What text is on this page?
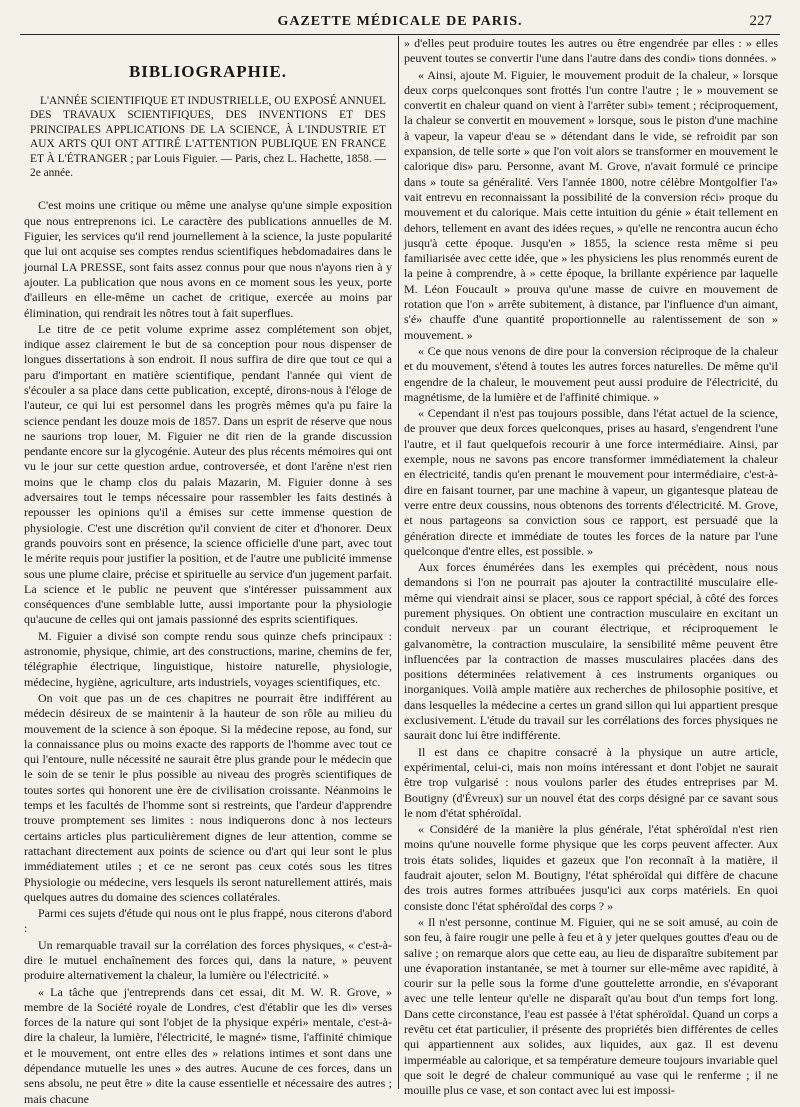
GAZETTE MÉDICALE DE PARIS.	227
BIBLIOGRAPHIE.
L'ANNÉE SCIENTIFIQUE ET INDUSTRIELLE, OU EXPOSÉ ANNUEL DES TRAVAUX SCIENTIFIQUES, DES INVENTIONS ET DES PRINCIPALES APPLICATIONS DE LA SCIENCE, À L'INDUSTRIE ET AUX ARTS QUI ONT ATTIRÉ L'ATTENTION PUBLIQUE EN FRANCE ET À L'ÉTRANGER ; par Louis Figuier. — Paris, chez L. Hachette, 1858. — 2e année.

C'est moins une critique ou même une analyse qu'une simple exposition que nous entreprenons ici. Le caractère des publications annuelles de M. Figuier, les services qu'il rend journellement à la science, la juste popularité que lui ont acquise ses comptes rendus scientifiques hebdomadaires dans le journal LA PRESSE, sont faits assez connus pour que nous n'ayons rien à y ajouter. La publication que nous avons en ce moment sous les yeux, porte d'ailleurs en elle-même un cachet de critique, exercée au moins par élimination, qui rendrait les nôtres tout à fait superflues.

Le titre de ce petit volume exprime assez complétement son objet, indique assez clairement le but de sa conception pour nous dispenser de longues dissertations à son endroit. Il nous suffira de dire que tout ce qui a paru d'important en matière scientifique, pendant l'année qui vient de s'écouler a sa place dans cette publication, excepté, dirons-nous à l'éloge de l'auteur, ce qui lui est personnel dans les progrès mêmes qu'a pu faire la science pendant les douze mois de 1857. Dans un esprit de réserve que nous ne saurions trop louer, M. Figuier ne dit rien de la grande discussion pendante encore sur la glycogénie. Auteur des plus récents mémoires qui ont vu le jour sur cette question ardue, controversée, et dont l'arène n'est rien moins que le champ clos du palais Mazarin, M. Figuier donne à ses adversaires tout le temps nécessaire pour rassembler les faits destinés à repousser les opinions qu'il a émises sur cette immense question de physiologie. C'est une discrétion qu'il convient de citer et d'honorer. Deux grands pouvoirs sont en présence, la science officielle d'une part, avec tout le mérite requis pour justifier la position, et de l'autre une publicité immense sous une plume claire, précise et spirituelle au service d'un jugement parfait. La science et le public ne peuvent que s'intéresser puissamment aux conséquences d'une semblable lutte, aussi importante pour la physiologie qu'aucune de celles qui ont jamais passionné des esprits scientifiques.

M. Figuier a divisé son compte rendu sous quinze chefs principaux : astronomie, physique, chimie, art des constructions, marine, chemins de fer, télégraphie électrique, linguistique, histoire naturelle, physiologie, médecine, hygiène, agriculture, arts industriels, voyages scientifiques, etc.

On voit que pas un de ces chapitres ne pourrait être indifférent au médecin désireux de se maintenir à la hauteur de son rôle au milieu du mouvement de la science à son époque. Si la médecine repose, au fond, sur la connaissance plus ou moins exacte des rapports de l'homme avec tout ce qui l'entoure, nulle nécessité ne saurait être plus grande pour le médecin que le soin de se tenir le plus possible au niveau des progrès scientifiques de toutes sortes qui honorent une ère de civilisation croissante. Néanmoins le temps et les facultés de l'homme sont si restreints, que l'ardeur d'apprendre trouve promptement ses limites : nous indiquerons donc à nos lecteurs certains articles plus particulièrement dignes de leur attention, comme se rattachant directement aux points de science ou d'art qui leur sont le plus immédiatement utiles ; et ce ne seront pas ceux cotés sous les titres Physiologie ou médecine, vers lesquels ils seront naturellement attirés, mais quelques autres du domaine des sciences collatérales.

Parmi ces sujets d'étude qui nous ont le plus frappé, nous citerons d'abord :

Un remarquable travail sur la corrélation des forces physiques, « c'est-à-dire le mutuel enchaînement des forces qui, dans la nature, » peuvent produire alternativement la chaleur, la lumière ou l'électricité. »

« La tâche que j'entreprends dans cet essai, dit M. W. R. Grove, » membre de la Société royale de Londres, c'est d'établir que les di» verses forces de la nature qui sont l'objet de la physique expéri» mentale, c'est-à-dire la chaleur, la lumière, l'électricité, le magné» tisme, l'affinité chimique et le mouvement, ont entre elles des » relations intimes et sont dans une dépendance mutuelle les unes » des autres. Aucune de ces forces, dans un sens absolu, ne peut être » dite la cause essentielle et nécessaire des autres ; mais chacune

» d'elles peut produire toutes les autres ou être engendrée par elles : » elles peuvent toutes se convertir l'une dans l'autre dans des condi» tions données. »

« Ainsi, ajoute M. Figuier, le mouvement produit de la chaleur, » lorsque deux corps quelconques sont frottés l'un contre l'autre ; le » mouvement se convertit en chaleur quand on vient à l'arrêter subi» tement ; réciproquement, la chaleur se convertit en mouvement » lorsque, sous le piston d'une machine à vapeur, la vapeur d'eau se » détendant dans le vide, se refroidit par son expansion, de telle sorte » que l'on voit alors se transformer en mouvement le calorique dis» paru. Personne, avant M. Grove, n'avait formulé ce principe dans » toute sa généralité. Vers l'année 1800, notre célèbre Montgolfier l'a» vait entrevu en reconnaissant la possibilité de la conversion réci» proque du mouvement et du calorique. Mais cette intuition du génie » était tellement en dehors, tellement en avant des idées reçues, » qu'elle ne rencontra aucun écho jusqu'à cette époque. Jusqu'en » 1855, la science resta même si peu familiarisée avec cette idée, que » les physiciens les plus renommés eurent de la peine à comprendre, à » cette époque, la brillante expérience par laquelle M. Léon Foucault » prouva qu'une masse de cuivre en mouvement de rotation que l'on » arrête subitement, à distance, par l'influence d'un aimant, s'é» chauffe d'une quantité proportionnelle au ralentissement de son » mouvement. »

« Ce que nous venons de dire pour la conversion réciproque de la chaleur et du mouvement, s'étend à toutes les autres forces naturelles. De même qu'il engendre de la chaleur, le mouvement peut aussi produire de l'électricité, du magnétisme, de la lumière et de l'affinité chimique. »

« Cependant il n'est pas toujours possible, dans l'état actuel de la science, de prouver que deux forces quelconques, prises au hasard, s'engendrent l'une l'autre, et il faut quelquefois recourir à une force intermédiaire. Ainsi, par exemple, nous ne savons pas encore transformer immédiatement la chaleur en électricité, tandis qu'en prenant le mouvement pour intermédiaire, c'est-à-dire en faisant tourner, par une machine à vapeur, un gigantesque plateau de verre entre deux coussins, nous obtenons des torrents d'électricité. M. Grove, et nous partageons sa conviction sous ce rapport, est persuadé que la génération directe et immédiate de toutes les forces de la nature par l'une quelconque d'entre elles, est possible. »

Aux forces énumérées dans les exemples qui précèdent, nous nous demandons si l'on ne pourrait pas ajouter la contractilité musculaire elle-même qui viendrait ainsi se placer, sous ce rapport spécial, à côté des forces purement physiques. On obtient une contraction musculaire en excitant un conduit nerveux par un courant électrique, et réciproquement le galvanomètre, la contraction musculaire, la sensibilité même peuvent être influencées par la contraction de masses musculaires placées dans des positions déterminées relativement à ces instruments organiques ou inorganiques. Voilà ample matière aux recherches de philosophie positive, et dans lesquelles la médecine a certes un grand sillon qui lui appartient presque exclusivement. L'étude du travail sur les corrélations des forces physiques ne saurait donc lui être indifférente.

Il est dans ce chapitre consacré à la physique un autre article, expérimental, celui-ci, mais non moins intéressant et dont l'objet ne saurait être trop vulgarisé : nous voulons parler des études entreprises par M. Boutigny (d'Évreux) sur un nouvel état des corps désigné par ce savant sous le nom d'état sphéroïdal.

« Considéré de la manière la plus générale, l'état sphéroïdal n'est rien moins qu'une nouvelle forme physique que les corps peuvent affecter. Aux trois états solides, liquides et gazeux que l'on reconnaît à la matière, il faudrait ajouter, selon M. Boutigny, l'état sphéroïdal qui diffère de chacune des trois autres formes attribuées jusqu'ici aux corps matériels. En quoi consiste donc l'état sphéroïdal des corps ? »

« Il n'est personne, continue M. Figuier, qui ne se soit amusé, au coin de son feu, à faire rougir une pelle à feu et à y jeter quelques gouttes d'eau ou de salive ; on remarque alors que cette eau, au lieu de disparaître subitement par une évaporation instantanée, se met à tourner sur elle-même avec rapidité, à courir sur la pelle sous la forme d'une gouttelette arrondie, en s'évaporant avec une telle lenteur qu'elle ne disparaît qu'au bout d'un temps fort long. Dans cette circonstance, l'eau est passée à l'état sphéroïdal. Quand un corps a revêtu cet état particulier, il présente des propriétés bien différentes de celles qui appartiennent aux solides, aux liquides, aux gaz. Il est devenu imperméable au calorique, et sa température demeure toujours invariable quel que soit le degré de chaleur communiqué au vase qui le renferme ; il ne mouille plus ce vase, et son contact avec lui est impossi-
